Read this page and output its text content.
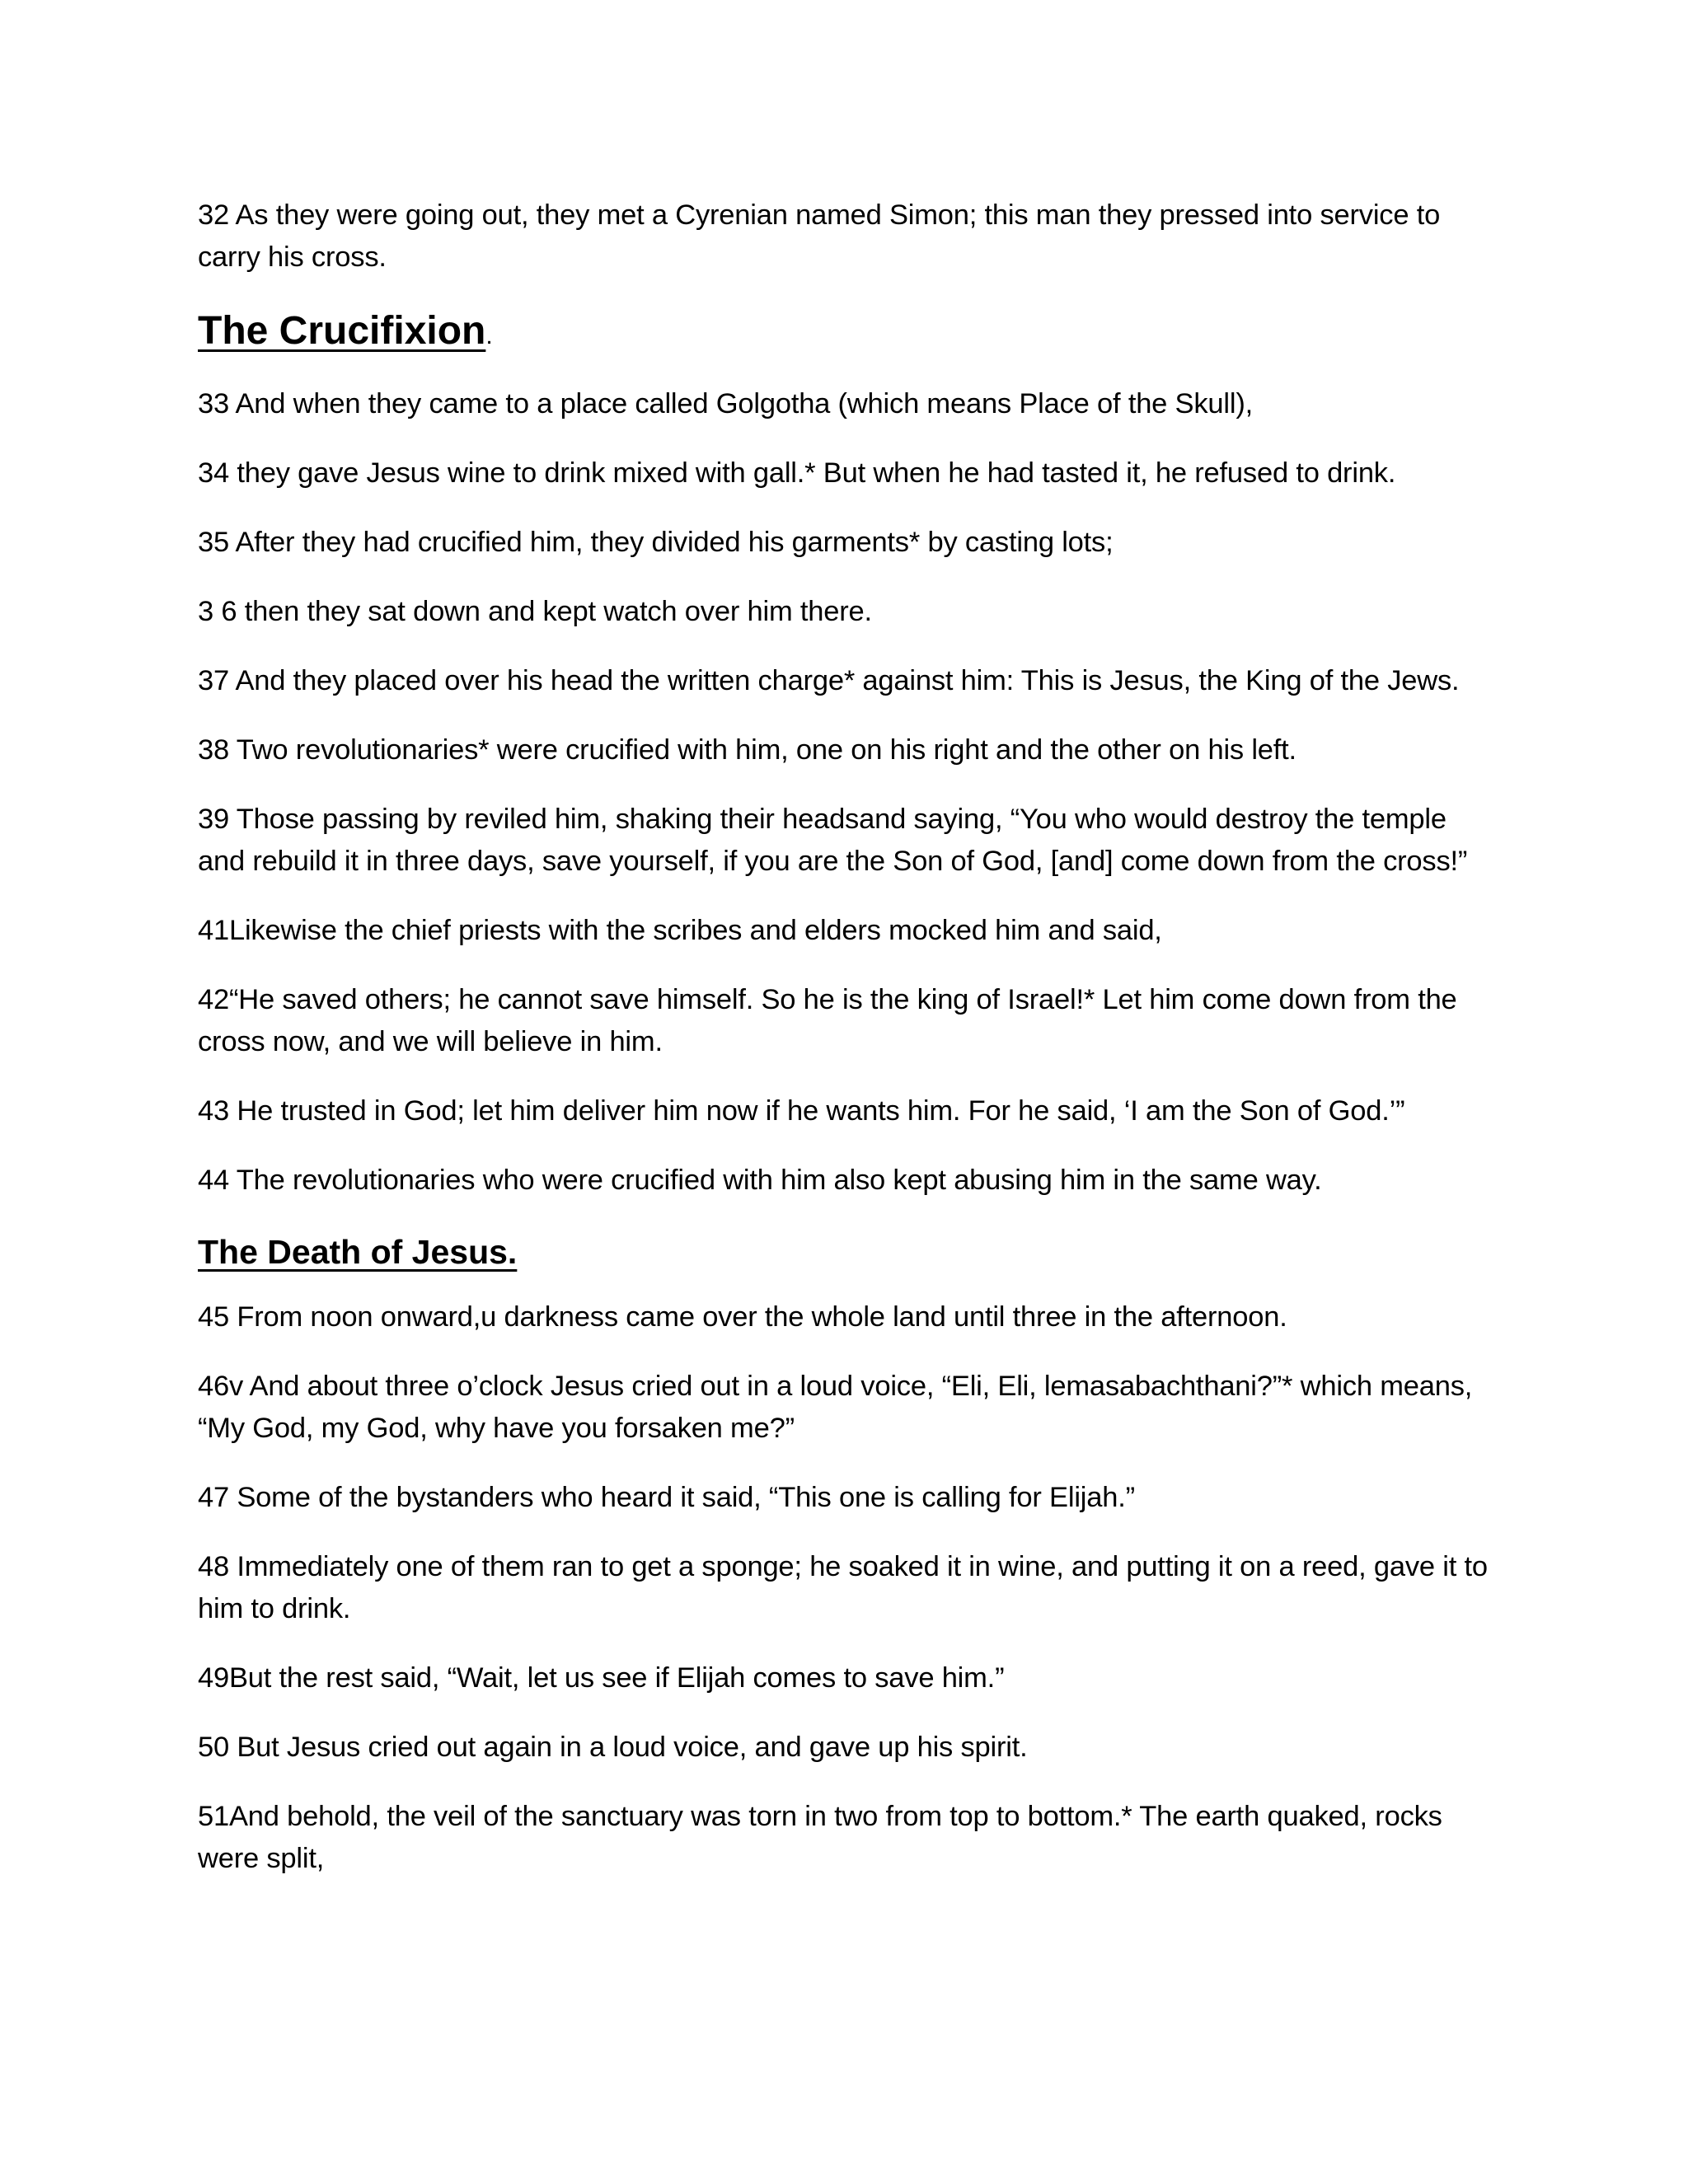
32 As they were going out, they met a Cyrenian named Simon; this man they pressed into service to carry his cross.

The Crucifixion.

33 And when they came to a place called Golgotha (which means Place of the Skull),

34 they gave Jesus wine to drink mixed with gall.* But when he had tasted it, he refused to drink.

35 After they had crucified him, they divided his garments* by casting lots;

3 6 then they sat down and kept watch over him there.

37 And they placed over his head the written charge* against him: This is Jesus, the King of the Jews.

38 Two revolutionaries* were crucified with him, one on his right and the other on his left.

39 Those passing by reviled him, shaking their headsand saying, “You who would destroy the temple and rebuild it in three days, save yourself, if you are the Son of God, [and] come down from the cross!”

41Likewise the chief priests with the scribes and elders mocked him and said,

42“He saved others; he cannot save himself. So he is the king of Israel!* Let him come down from the cross now, and we will believe in him.

43 He trusted in God; let him deliver him now if he wants him. For he said, ‘I am the Son of God.’”

44 The revolutionaries who were crucified with him also kept abusing him in the same way.

The Death of Jesus.

45 From noon onward,u darkness came over the whole land until three in the afternoon.

46v And about three o’clock Jesus cried out in a loud voice, “Eli, Eli, lemasabachthani?”* which means, “My God, my God, why have you forsaken me?”

47 Some of the bystanders who heard it said, “This one is calling for Elijah.”

48 Immediately one of them ran to get a sponge; he soaked it in wine, and putting it on a reed, gave it to him to drink.

49But the rest said, “Wait, let us see if Elijah comes to save him.”

50 But Jesus cried out again in a loud voice, and gave up his spirit.

51And behold, the veil of the sanctuary was torn in two from top to bottom.* The earth quaked, rocks were split,
